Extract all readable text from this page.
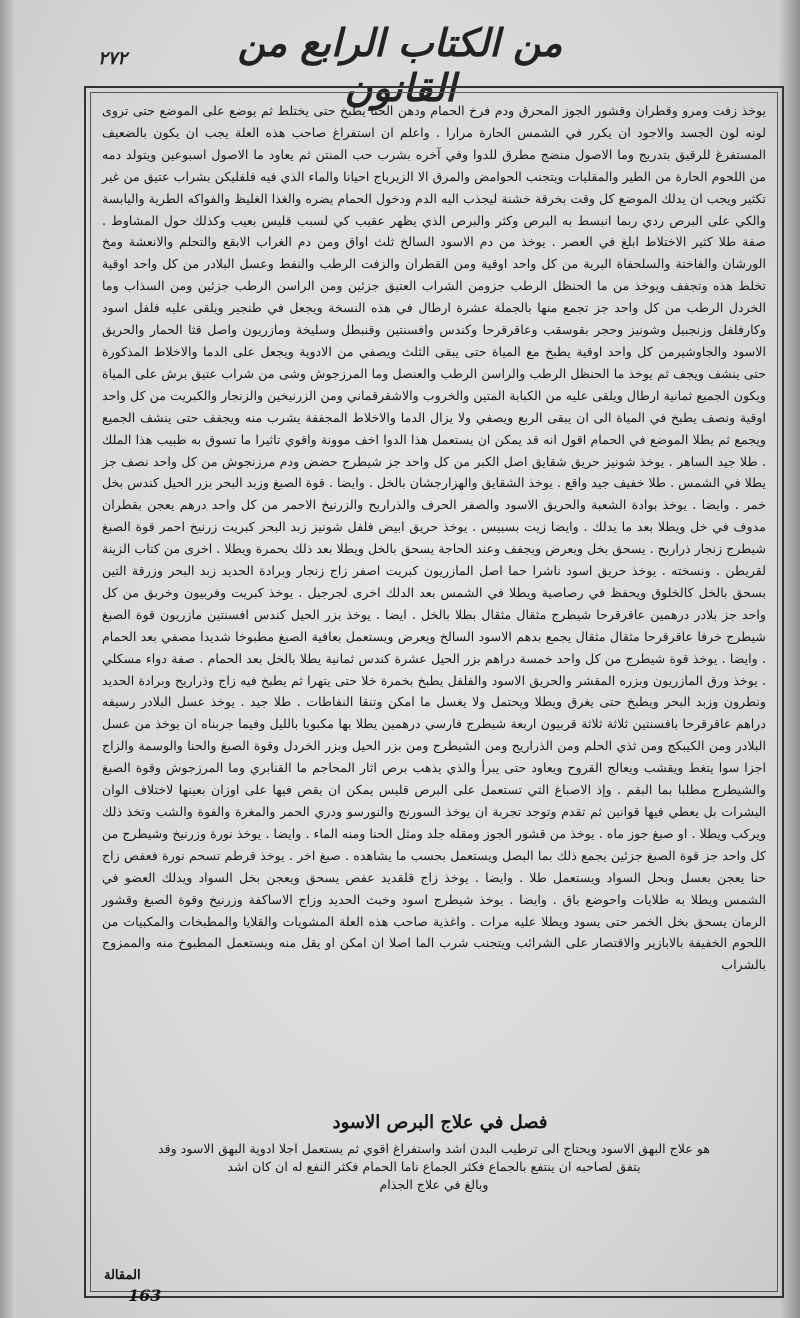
من الكتاب الرابع من القانون
٢٧٢

يوخذ زفت ومرو وقطران وقشور الجوز المحرق ودم فرخ الحمام ودهن الحنا يطبخ حتى يختلط ثم يوضع على الموضع حتى تروى لونه لون الجسد والاجود ان يكرر في الشمس الحارة مرارا . واعلم ان استفراغ صاحب هذه العلة يجب ان يكون بالضعيف المستفرغ للرقيق بتدريج وما الاصول منضج مطرق للدوا وفي آخره بشرب حب المنتن ثم يعاود ما الاصول اسبوعين ويتولد دمه من اللحوم الحارة من الطير والمقليات ويتجنب الحوامض والمرق الا الزيرباج احيانا والماء الذي فيه فلفليكن بشراب عتيق من غير تكثير ويجب ان يدلك الموضع كل وقت بخرقة خشنة ليجذب اليه الدم ودخول الحمام يضره والغذا الغليظ والفواكه الطرية واليابسة والكي على البرص ردي ربما انبسط به البرص وكثر والبرص الذي يظهر عقيب كي لسبب قليس بعيب وكذلك حول المشاوط . صفة طلا كثير الاختلاط ابلغ في العصر . يوخذ من دم الاسود السالخ ثلث اواق ومن دم الغراب الابقع والتحلم والانعشة ومخ الورشان والفاختة والسلحفاة البرية من كل واحد اوقية ومن القطران والزفت الرطب والنفط وعسل البلادر من كل واحد اوقية تخلط هذه وتجفف ويوخذ من ما الحنظل الرطب جزومن الشراب العتيق جزئين ومن الراسن الرطب جزئين ومن السذاب وما الخردل الرطب من كل واحد جز تجمع منها بالجملة عشرة ارطال في هذه النسخة ويجعل في طنجير ويلقى عليه فلفل اسود وكارفلفل وزنجبيل وشونيز وحجر بقوسقب وعاقرقرحا وكندس وافسنتين وقنبطل وسليخة ومازريون واصل قثا الحمار والحريق الاسود والجاوشيرمن كل واحد اوقية يطبخ مع المياة حتى يبقى الثلث ويصفي من الادوية ويجعل على الدما والاخلاط المذكورة حتى ينشف ويجف ثم يوخذ ما الحنظل الرطب والراسن الرطب والعنصل وما المرزجوش وشى من شراب عتيق برش على المياة ويكون الجميع ثمانية ارطال ويلقى عليه من الكبابة المتين والخروب والاشقرقماني ومن الزرنيخين والزنجار والكبريت من كل واحد اوقية ونصف يطبخ في المياة الى ان يبقى الربع ويصفي ولا يزال الدما والاخلاط المجففة يشرب منه ويجفف حتى ينشف الجميع ويجمع ثم يطلا الموضع في الحمام اقول انه قد يمكن ان يستعمل هذا الدوا اخف موونة واقوي تاثيرا ما تسوق به طبيب هذا الملك . طلا جيد الساهر . يوخذ شونيز حريق شقايق اصل الكبر من كل واحد جز شيطرج حضض ودم مرزنجوش من كل واحد نصف جز يطلا في الشمس . طلا خفيف جيد واقع . يوخذ الشقايق والهزارجشان بالخل . وايضا . قوة الصبغ وزبد البحر بزر الحيل كندس بخل خمر . وايضا . يوخذ بوادة الشعبة والحريق الاسود والصفر الحرف والذراريح والزرنيخ الاحمر من كل واحد درهم يعجن بقطران مدوف في خل ويطلا بعد ما يدلك . وايضا زيت بسبيس . يوخذ حريق ابيض فلفل شونيز زبد البحر كبريت زرنيخ احمر قوة الصبغ شيطرج زنجار ذراريح . يسحق بخل ويعرض ويجفف وعند الحاجة يسحق بالخل ويطلا بعد ذلك بحمرة ويطلا . اخرى من كتاب الزينة لقريطن . ونسخته . يوخذ حريق اسود ناشرا حما اصل المازريون كبريت اصفر زاج زنجار وبرادة الحديد زبد البحر وزرقة التين بسحق بالخل كالخلوق ويحفظ في رصاصية ويطلا في الشمس بعد الدلك اخرى لجرجيل . يوخذ كبريت وفربيون وخربق من كل واحد جز بلادر درهمين عاقرقرحا شيطرج مثقال مثقال بطلا بالخل . ايضا . يوخذ بزر الحيل كندس افسنتين مازريون قوة الصبغ شيطرج خرفا عاقرقرحا مثقال مثقال يجمع بدهم الاسود السالخ ويعرض ويستعمل بعافية الصبغ مطبوخا شديدا مصفي بعد الحمام . وايضا . يوخذ قوة شيطرج من كل واحد خمسة دراهم بزر الحيل عشرة كندس ثمانية يطلا بالخل بعد الحمام . صفة دواء مسكلي . يوخذ ورق المازريون وبزره المقشر والحريق الاسود والفلفل يطبخ بخمرة خلا حتى يتهرا ثم يطبخ فيه زاج وذراريح وبرادة الحديد ونطرون وزبد البحر ويطبخ حتى يغرق ويطلا ويحتمل ولا يغسل ما امكن وتنقا النفاطات . طلا جيد . يوخذ عسل البلادر رسيفه دراهم عاقرقرحا بافسنتين ثلاثة ثلاثة قربيون اربعة شيطرج فارسي درهمين يطلا بها مكبوبا بالليل وفيما جربناه ان يوخذ من عسل البلادر ومن الكيبكج ومن ثذي الحلم ومن الذراريح ومن الشيطرج ومن بزر الحيل وبزر الخردل وقوة الصبغ والحنا والوسمة والزاج اجزا سوا يتغط ويقشب ويعالج القروح ويعاود حتى يبرأ والذي يذهب برص اثار المحاجم ما القنابري وما المرزجوش وقوة الصبغ والشيطرج مطلبا بما البقم . وإذ الاصباغ التي تستعمل على البرص قليس يمكن ان يقص فيها على اوزان بعينها لاختلاف الوان البشرات بل يعطي فيها قوانين ثم تقدم وتوجد تجربة ان يوخذ السورنج والنورسو ودري الحمر والمغرة والفوة والشب وتخذ ذلك ويركب ويطلا . او صبغ جوز ماه . يوخذ من قشور الجوز ومقله جلد ومثل الحنا ومنه الماء . وايضا . يوخذ نورة وزرنيخ وشيطرج من كل واحد جز قوة الصبغ جزئين يجمع ذلك بما البصل ويستعمل بحسب ما يشاهده . صبغ اخر . يوخذ قرطم تسحم نورة فعفص زاج حنا يعجن بعسل وبحل السواد ويستعمل طلا . وايضا . يوخذ زاج قلقديد عفص يسحق ويعجن بخل السواد ويدلك العضو في الشمس ويطلا به طلايات واحوضع باق . وايضا . يوخذ شيطرج اسود وخبث الحديد وزاج الاساكفة وزرنيخ وقوة الصبغ وقشور الرمان يسحق بخل الخمر حتى يسود ويطلا عليه مرات . واغذية صاحب هذه العلة المشويات والقلايا والمطبخات والمكبيات من اللحوم الخفيفة بالابازير والاقتصار على الشرائب ويتجنب شرب الما اصلا ان امكن او يقل منه ويستعمل المطبوخ منه والممزوج بالشراب

فصل في علاج البرص الاسود

هو علاج البهق الاسود ويحتاج الى ترطيب البدن اشد واستفراغ اقوي ثم يستعمل اجلا ادوية البهق الاسود وقد

يتفق لصاحبه ان ينتفع بالجماع فكثر الجماع ناما الحمام فكثر النفع له ان كان اشد

وبالغ في علاج الجذام

المقالة
163
